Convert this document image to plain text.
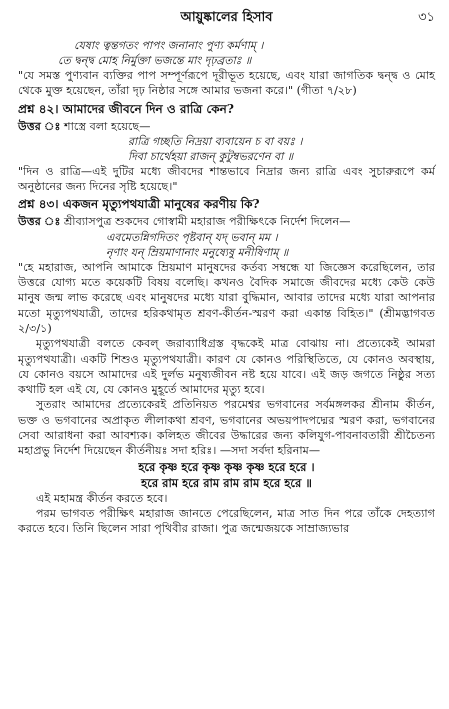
আয়ুষ্কালের হিসাব	৩১

যেষাং ত্বন্তগতং পাপং জনানাং পুণ্য কর্মণাম্‌ ।

তে দ্বন্দ্ব মোহ নির্মুক্তা ভজন্তে মাং দৃঢ়ব্রতাঃ ॥

"যে সমস্ত পুণ্যবান ব্যক্তির পাপ সম্পূর্ণরূপে দূরীভূত হয়েছে, এবং যারা জাগতিক দ্বন্দ্ব ও মোহ থেকে মুক্ত হয়েছেন, তাঁরা দৃঢ় নিষ্ঠার সঙ্গে আমার ভজনা করে।" (গীতা ৭/২৮)

প্রশ্ন ৪২। আমাদের জীবনে দিন ও রাত্রি কেন?

উত্তর ঃ শাস্ত্রে বলা হয়েছে—

রাত্রি গচ্ছতি নিদ্রয়া ব্যবায়েন চ বা বয়ঃ ।

দিবা চার্থেহয়া রাজন্‌ কুটুম্বভরণেন বা ॥

"দিন ও রাত্রি—এই দুটির মধ্যে জীবদের শান্তভাবে নিদ্রার জন্য রাত্রি এবং সুচারুরূপে কর্ম অনুষ্ঠানের জন্য দিনের সৃষ্টি হয়েছে।"

প্রশ্ন ৪৩। একজন মৃত্যুপথযাত্রী মানুষের করণীয় কি?

উত্তর ঃ শ্রীব্যাসপুত্র শুকদেব গোস্বামী মহারাজ পরীক্ষিৎকে নির্দেশ দিলেন—

এবমেতন্নিগদিতং পৃষ্টবান্‌ যদ্‌ ভবান্‌ মম ।

নৃণাং যন্‌ ম্রিয়মাণানাং মনুষ্যেষু মনীষিণাম্‌ ॥

"হে মহারাজ, আপনি আমাকে ম্রিয়মাণ মানুষদের কর্তব্য সম্বন্ধে যা জিজ্ঞেস করেছিলেন, তার উত্তরে যোগ্য মতে কয়েকটি বিষয় বলেছি। কখনও বৈদিক সমাজে জীবদের মধ্যে কেউ কেউ মানুষ জন্ম লাভ করেছে এবং মানুষদের মধ্যে যারা বুদ্ধিমান, আবার তাদের মধ্যে যারা আপনার মতো মৃত্যুপথযাত্রী, তাদের হরিকথামৃত শ্রবণ-কীর্তন-স্মরণ করা একান্ত বিহিত।" (শ্রীমদ্ভাগবত ২/৩/১)

মৃত্যুপথযাত্রী বলতে কেবল্‌ জরাব্যাধিগ্রস্ত বৃদ্ধকেই মাত্র বোঝায় না। প্রত্যেকেই আমরা মৃত্যুপথযাত্রী। একটি শিশুও মৃত্যুপথযাত্রী। কারণ যে কোনও পরিস্থিতিতে, যে কোনও অবস্থায়, যে কোনও বয়সে আমাদের এই দুর্লভ মনুষ্যজীবন নষ্ট হয়ে যাবে। এই জড় জগতে নিষ্ঠুর সত্য কথাটি হল এই যে, যে কোনও মুহূর্তে আমাদের মৃত্যু হবে।

সুতরাং আমাদের প্রত্যেকেরই প্রতিনিয়ত পরমেশ্বর ভগবানের সর্বমঙ্গলকর শ্রীনাম কীর্তন, ভক্ত ও ভগবানের অপ্রাকৃত লীলাকথা শ্রবণ, ভগবানের অভয়পাদপদ্মের স্মরণ করা, ভগবানের সেবা আরাধনা করা আবশ্যক। কলিহত জীবের উদ্ধারের জন্য কলিযুগ-পাবনাবতারী শ্রীচৈতন্য মহাপ্রভু নির্দেশ দিয়েছেন কীর্তনীয়ঃ সদা হরিঃ। —সদা সর্বদা হরিনাম—

হরে কৃষ্ণ হরে কৃষ্ণ কৃষ্ণ কৃষ্ণ হরে হরে ।

হরে রাম হরে রাম রাম রাম হরে হরে ॥

এই মহামন্ত্র কীর্তন করতে হবে।

পরম ভাগবত পরীক্ষিৎ মহারাজ জানতে পেরেছিলেন, মাত্র সাত দিন পরে তাঁকে দেহত্যাগ করতে হবে। তিনি ছিলেন সারা পৃথিবীর রাজা। পুত্র জন্মেজয়কে সাম্রাজ্যভার
